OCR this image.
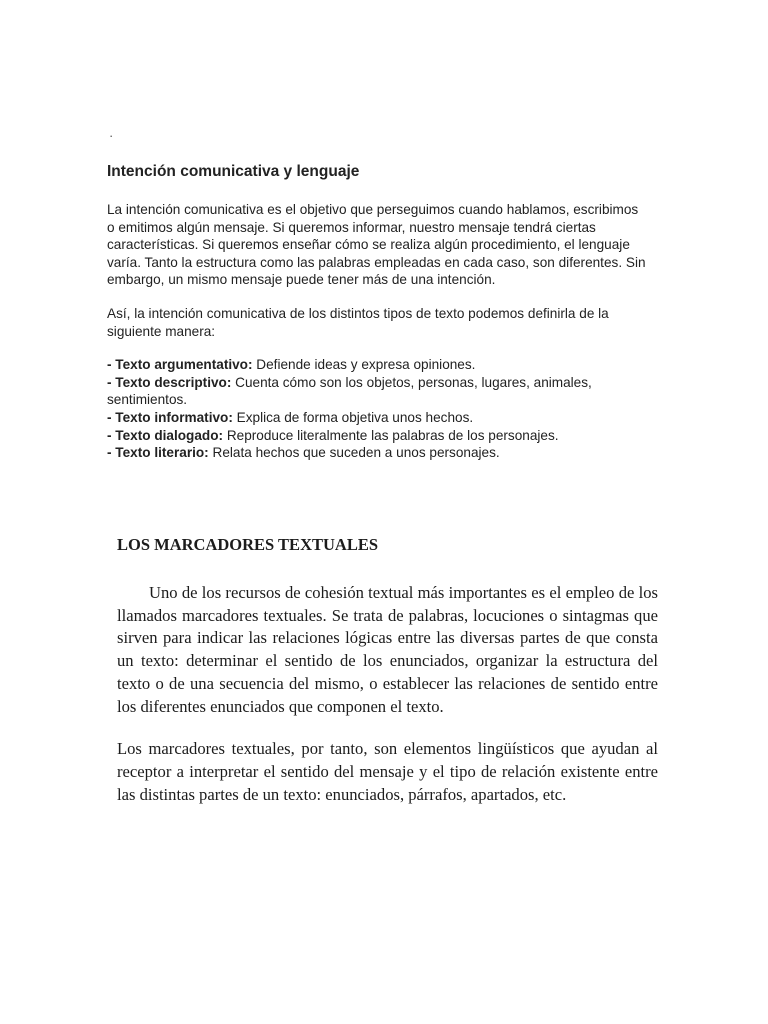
·
Intención comunicativa y lenguaje

La intención comunicativa es el objetivo que perseguimos cuando hablamos, escribimos o emitimos algún mensaje. Si queremos informar, nuestro mensaje tendrá ciertas características. Si queremos enseñar cómo se realiza algún procedimiento, el lenguaje varía. Tanto la estructura como las palabras empleadas en cada caso, son diferentes. Sin embargo, un mismo mensaje puede tener más de una intención.

Así, la intención comunicativa de los distintos tipos de texto podemos definirla de la siguiente manera:

- Texto argumentativo: Defiende ideas y expresa opiniones.
- Texto descriptivo: Cuenta cómo son los objetos, personas, lugares, animales, sentimientos.
- Texto informativo: Explica de forma objetiva unos hechos.
- Texto dialogado: Reproduce literalmente las palabras de los personajes.
- Texto literario: Relata hechos que suceden a unos personajes.
LOS MARCADORES TEXTUALES

Uno de los recursos de cohesión textual más importantes es el empleo de los llamados marcadores textuales. Se trata de palabras, locuciones o sintagmas que sirven para indicar las relaciones lógicas entre las diversas partes de que consta un texto: determinar el sentido de los enunciados, organizar la estructura del texto o de una secuencia del mismo, o establecer las relaciones de sentido entre los diferentes enunciados que componen el texto.

Los marcadores textuales, por tanto, son elementos lingüísticos que ayudan al receptor a interpretar el sentido del mensaje y el tipo de relación existente entre las distintas partes de un texto: enunciados, párrafos, apartados, etc.
